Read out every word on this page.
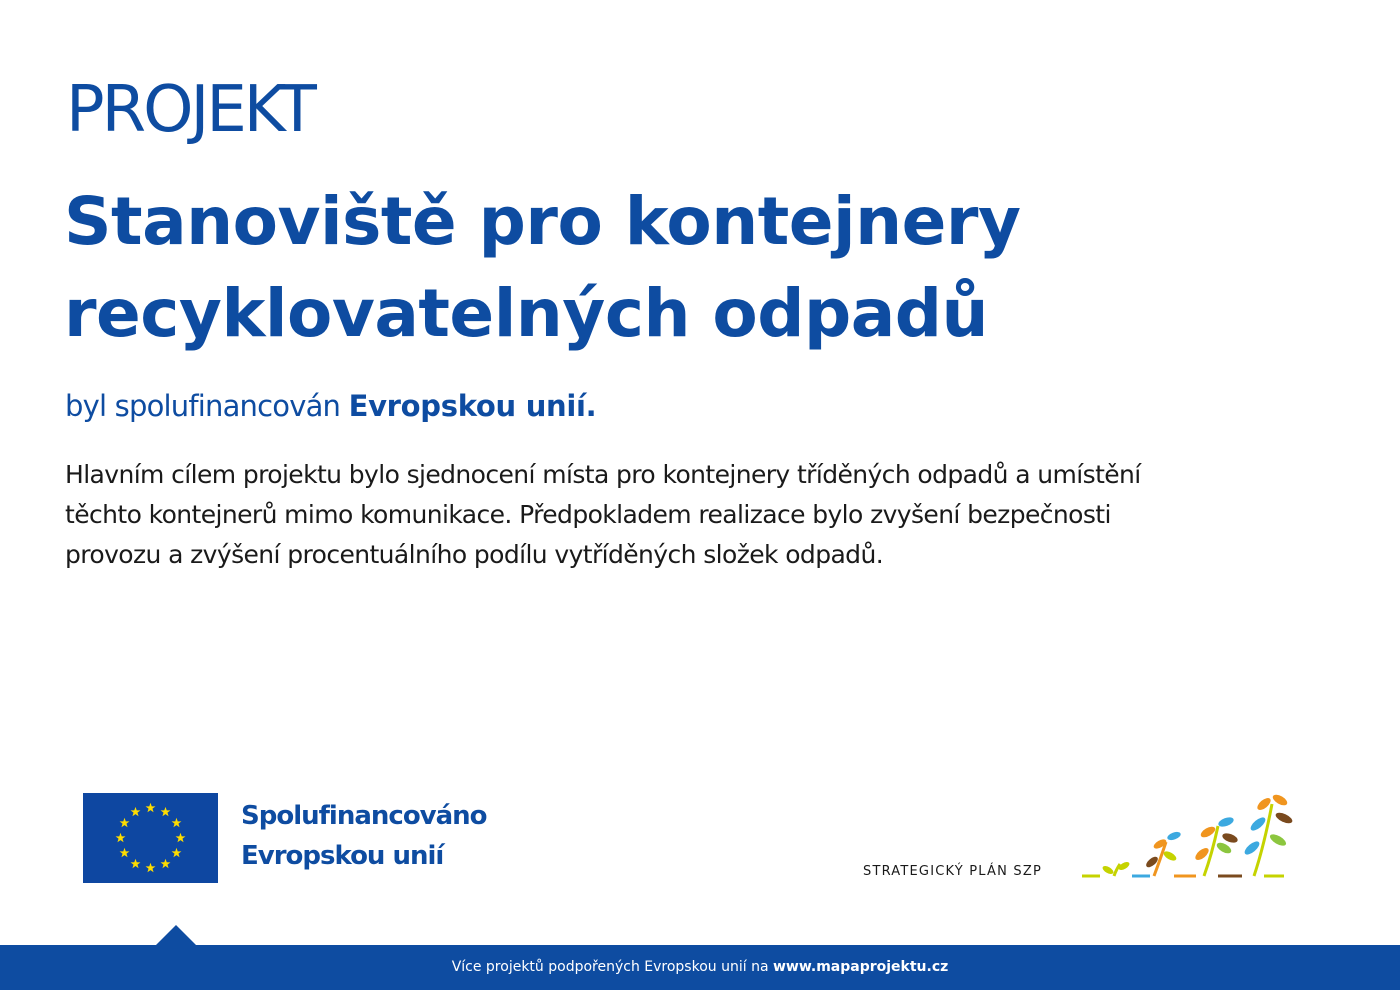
PROJEKT
Stanoviště pro kontejnery
recyklovatelných odpadů

byl spolufinancován Evropskou unií.

Hlavním cílem projektu bylo sjednocení místa pro kontejnery tříděných odpadů a umístění
těchto kontejnerů mimo komunikace. Předpokladem realizace bylo zvyšení bezpečnosti
provozu a zvýšení procentuálního podílu vytříděných složek odpadů.

Spolufinancováno
Evropskou unií
STRATEGICKÝ PLÁN SZP
Více projektů podpořených Evropskou unií na www.mapaprojektu.cz
